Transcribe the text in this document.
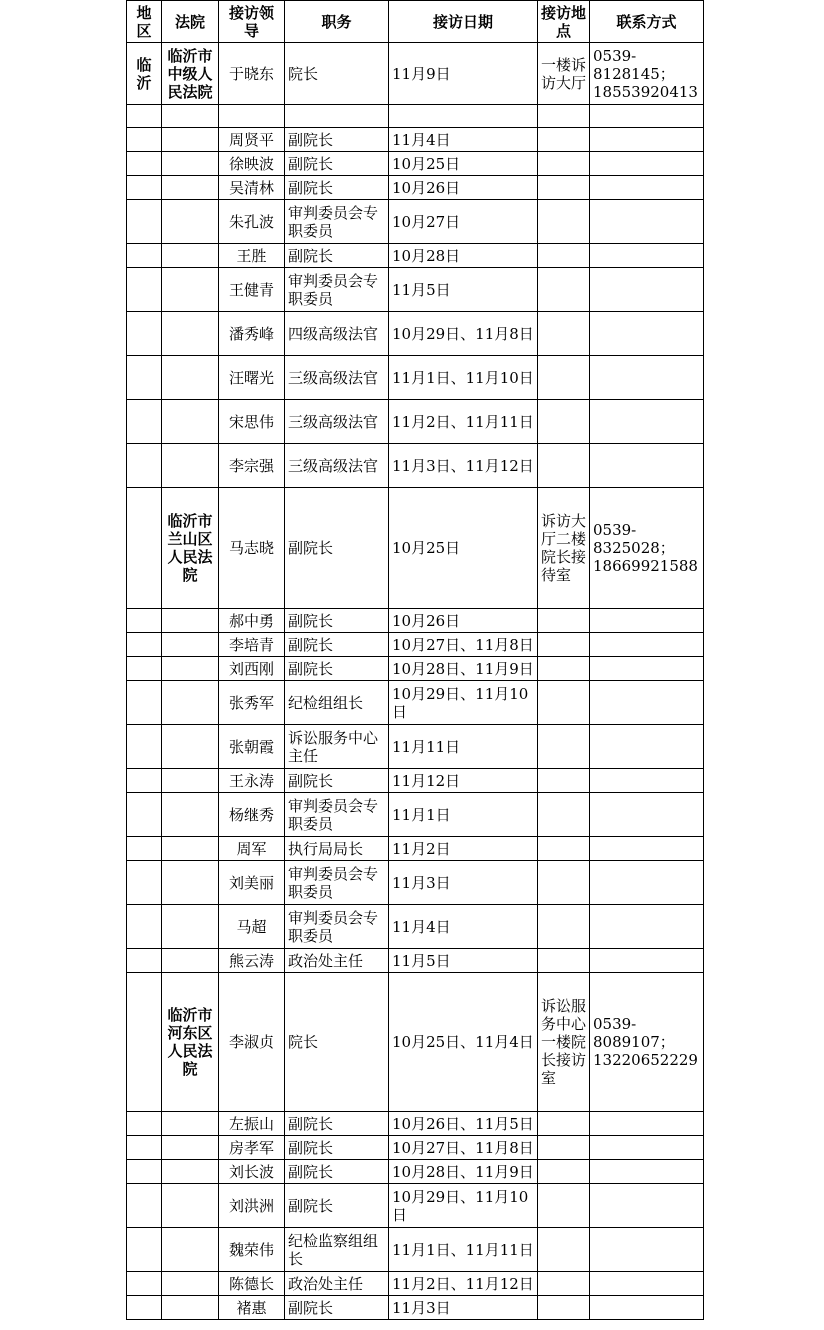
地区	法院	接访领导	职务	接访日期	接访地点	联系方式
临沂	临沂市中级人民法院	于晓东	院长	11月9日	一楼诉访大厅	0539-8128145；18553920413

		周贤平	副院长	11月4日		
		徐映波	副院长	10月25日		
		吴清林	副院长	10月26日		
		朱孔波	审判委员会专职委员	10月27日		
		王胜	副院长	10月28日		
		王健青	审判委员会专职委员	11月5日		
		潘秀峰	四级高级法官	10月29日、11月8日		
		汪曙光	三级高级法官	11月1日、11月10日		
		宋思伟	三级高级法官	11月2日、11月11日		
		李宗强	三级高级法官	11月3日、11月12日		
	临沂市兰山区人民法院	马志晓	副院长	10月25日	诉访大厅二楼院长接待室	0539-8325028；18669921588
		郝中勇	副院长	10月26日		
		李培青	副院长	10月27日、11月8日		
		刘西刚	副院长	10月28日、11月9日		
		张秀军	纪检组组长	10月29日、11月10日		
		张朝霞	诉讼服务中心主任	11月11日		
		王永涛	副院长	11月12日		
		杨继秀	审判委员会专职委员	11月1日		
		周军	执行局局长	11月2日		
		刘美丽	审判委员会专职委员	11月3日		
		马超	审判委员会专职委员	11月4日		
		熊云涛	政治处主任	11月5日		
	临沂市河东区人民法院	李淑贞	院长	10月25日、11月4日	诉讼服务中心一楼院长接访室	0539-8089107；13220652229
		左振山	副院长	10月26日、11月5日		
		房孝军	副院长	10月27日、11月8日		
		刘长波	副院长	10月28日、11月9日		
		刘洪洲	副院长	10月29日、11月10日		
		魏荣伟	纪检监察组组长	11月1日、11月11日		
		陈德长	政治处主任	11月2日、11月12日		
		褚惠	副院长	11月3日		
